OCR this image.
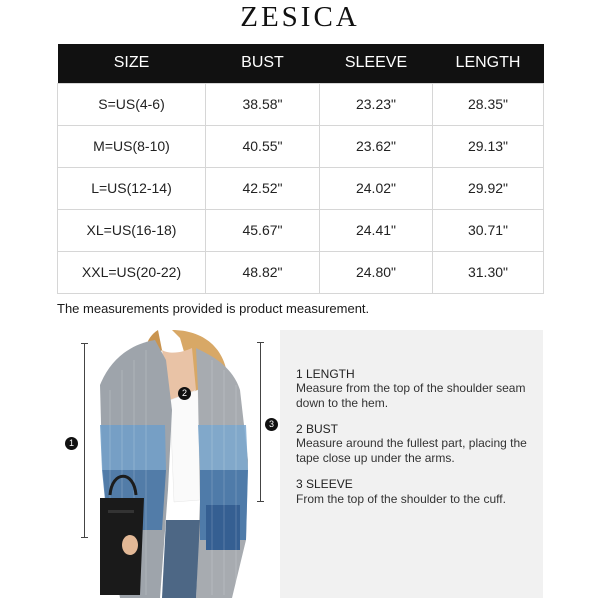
ZESICA
SIZE	BUST	SLEEVE	LENGTH
S=US(4-6)	38.58"	23.23"	28.35"
M=US(8-10)	40.55"	23.62"	29.13"
L=US(12-14)	42.52"	24.02"	29.92"
XL=US(16-18)	45.67"	24.41"	30.71"
XXL=US(20-22)	48.82"	24.80"	31.30"
The measurements provided is product measurement.
1
3
2
1 LENGTH
Measure from the top of the shoulder seam down to the hem.
2 BUST
Measure around the fullest part, placing the tape close up under the arms.
3 SLEEVE
From the top of the shoulder to the cuff.
